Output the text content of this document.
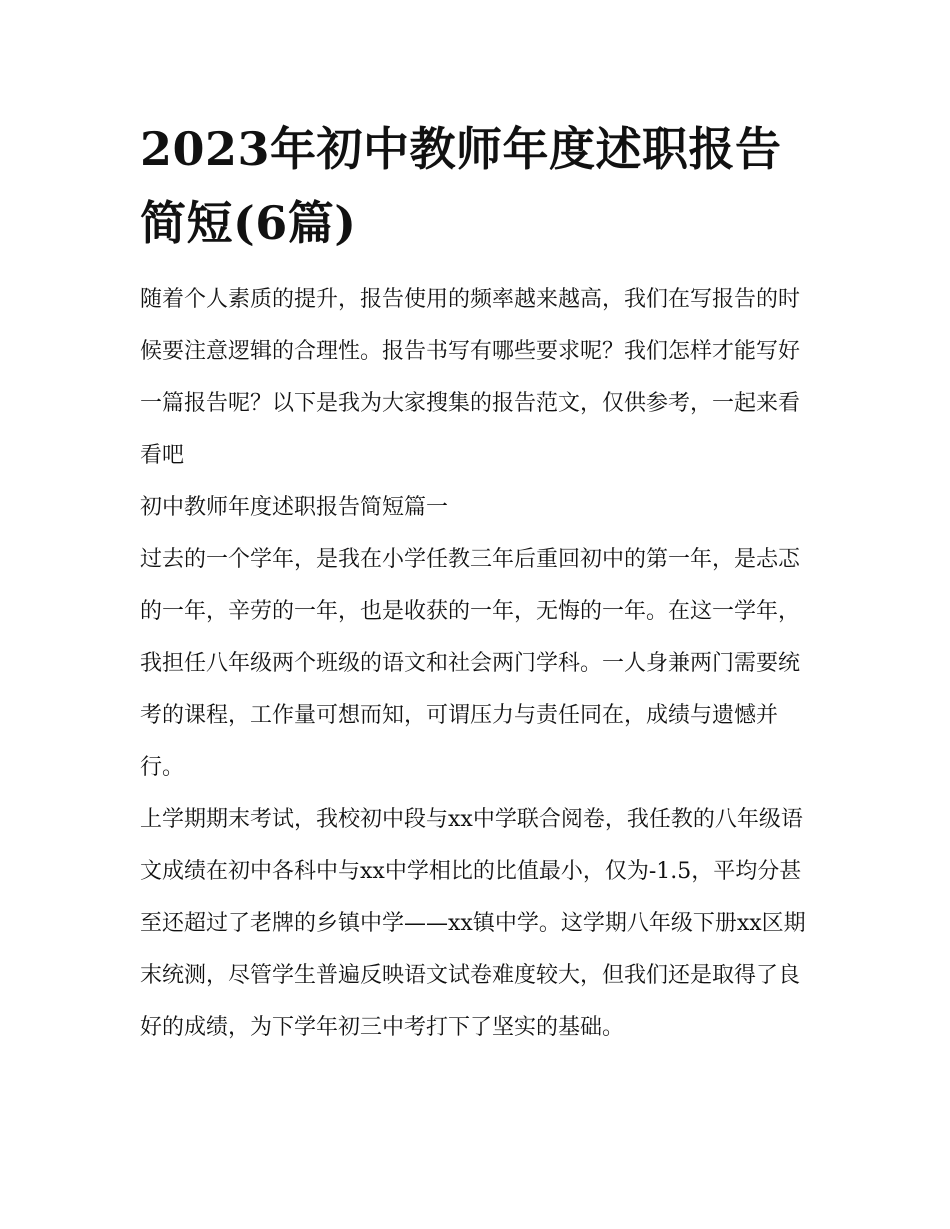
2023年初中教师年度述职报告简短(6篇)

随着个人素质的提升，报告使用的频率越来越高，我们在写报告的时候要注意逻辑的合理性。报告书写有哪些要求呢？我们怎样才能写好一篇报告呢？以下是我为大家搜集的报告范文，仅供参考，一起来看看吧

初中教师年度述职报告简短篇一

过去的一个学年，是我在小学任教三年后重回初中的第一年，是忐忑的一年，辛劳的一年，也是收获的一年，无悔的一年。在这一学年，我担任八年级两个班级的语文和社会两门学科。一人身兼两门需要统考的课程，工作量可想而知，可谓压力与责任同在，成绩与遗憾并行。

上学期期末考试，我校初中段与xx中学联合阅卷，我任教的八年级语文成绩在初中各科中与xx中学相比的比值最小，仅为-1.5，平均分甚至还超过了老牌的乡镇中学——xx镇中学。这学期八年级下册xx区期末统测，尽管学生普遍反映语文试卷难度较大，但我们还是取得了良好的成绩，为下学年初三中考打下了坚实的基础。
